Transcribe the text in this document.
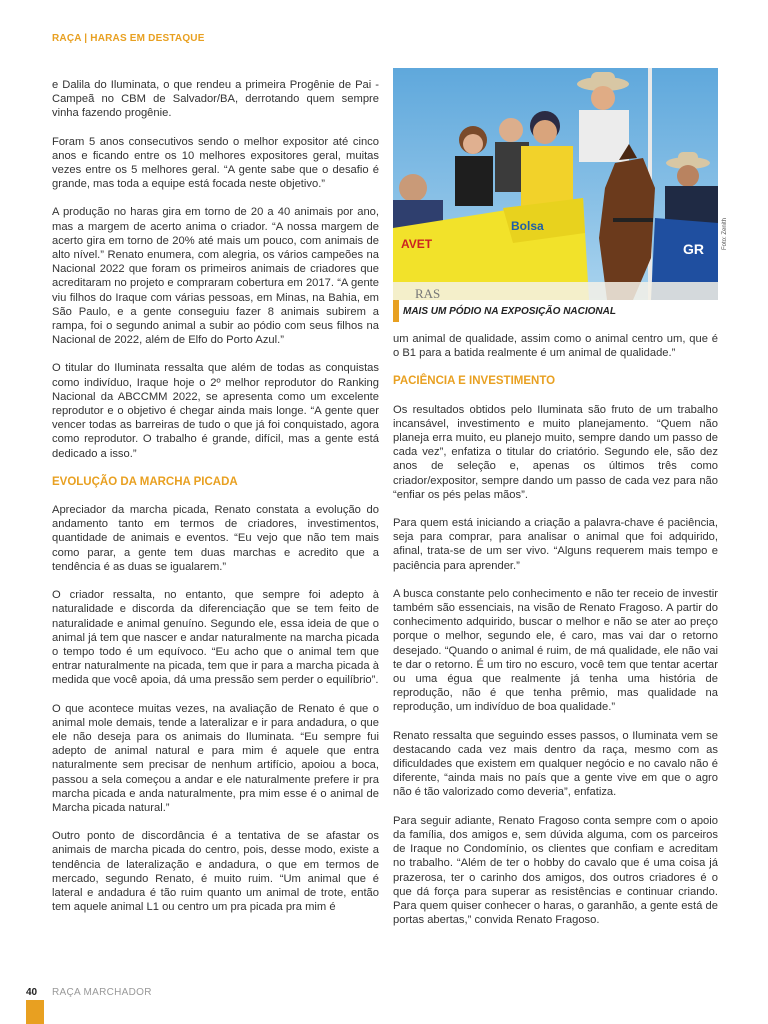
RAÇA | HARAS EM DESTAQUE

e Dalila do Iluminata, o que rendeu a primeira Progênie de Pai - Campeã no CBM de Salvador/BA, derrotando quem sempre vinha fazendo progênie.

Foram 5 anos consecutivos sendo o melhor expositor até cinco anos e ficando entre os 10 melhores expositores geral, muitas vezes entre os 5 melhores geral. “A gente sabe que o desafio é grande, mas toda a equipe está focada neste objetivo.”

A produção no haras gira em torno de 20 a 40 animais por ano, mas a margem de acerto anima o criador. “A nossa margem de acerto gira em torno de 20% até mais um pouco, com animais de alto nível.” Renato enumera, com alegria, os vários campeões na Nacional 2022 que foram os primeiros animais de criadores que acreditaram no projeto e compraram cobertura em 2017. “A gente viu filhos do Iraque com várias pessoas, em Minas, na Bahia, em São Paulo, e a gente conseguiu fazer 8 animais subirem a rampa, foi o segundo animal a subir ao pódio com seus filhos na Nacional de 2022, além de Elfo do Porto Azul.”

O titular do Iluminata ressalta que além de todas as conquistas como indivíduo, Iraque hoje o 2º melhor reprodutor do Ranking Nacional da ABCCMM 2022, se apresenta como um excelente reprodutor e o objetivo é chegar ainda mais longe. “A gente quer vencer todas as barreiras de tudo o que já foi conquistado, agora como reprodutor. O trabalho é grande, difícil, mas a gente está dedicado a isso.”

EVOLUÇÃO DA MARCHA PICADA

Apreciador da marcha picada, Renato constata a evolução do andamento tanto em termos de criadores, investimentos, quantidade de animais e eventos. “Eu vejo que não tem mais como parar, a gente tem duas marchas e acredito que a tendência é as duas se igualarem.”

O criador ressalta, no entanto, que sempre foi adepto à naturalidade e discorda da diferenciação que se tem feito de naturalidade e animal genuíno. Segundo ele, essa ideia de que o animal já tem que nascer e andar naturalmente na marcha picada o tempo todo é um equívoco. “Eu acho que o animal tem que entrar naturalmente na picada, tem que ir para a marcha picada à medida que você apoia, dá uma pressão sem perder o equilíbrio”.

O que acontece muitas vezes, na avaliação de Renato é que o animal mole demais, tende a lateralizar e ir para andadura, o que ele não deseja para os animais do Iluminata. “Eu sempre fui adepto de animal natural e para mim é aquele que entra naturalmente sem precisar de nenhum artifício, apoiou a boca, passou a sela começou a andar e ele naturalmente prefere ir pra marcha picada e anda naturalmente, pra mim esse é o animal de Marcha picada natural.”

Outro ponto de discordância é a tentativa de se afastar os animais de marcha picada do centro, pois, desse modo, existe a tendência de lateralização e andadura, o que em termos de mercado, segundo Renato, é muito ruim. “Um animal que é lateral e andadura é tão ruim quanto um animal de trote, então tem aquele animal L1 ou centro um pra picada pra mim é

Bolsa
AVET	GR
RAS
Foto: Zenith
MAIS UM PÓDIO NA EXPOSIÇÃO NACIONAL

um animal de qualidade, assim como o animal centro um, que é o B1 para a batida realmente é um animal de qualidade.”

PACIÊNCIA E INVESTIMENTO

Os resultados obtidos pelo Iluminata são fruto de um trabalho incansável, investimento e muito planejamento. “Quem não planeja erra muito, eu planejo muito, sempre dando um passo de cada vez”, enfatiza o titular do criatório. Segundo ele, são dez anos de seleção e, apenas os últimos três como criador/expositor, sempre dando um passo de cada vez para não “enfiar os pés pelas mãos”.

Para quem está iniciando a criação a palavra-chave é paciência, seja para comprar, para analisar o animal que foi adquirido, afinal, trata-se de um ser vivo. “Alguns requerem mais tempo e paciência para aprender.”

A busca constante pelo conhecimento e não ter receio de investir também são essenciais, na visão de Renato Fragoso. A partir do conhecimento adquirido, buscar o melhor e não se ater ao preço porque o melhor, segundo ele, é caro, mas vai dar o retorno desejado. “Quando o animal é ruim, de má qualidade, ele não vai te dar o retorno. É um tiro no escuro, você tem que tentar acertar ou uma égua que realmente já tenha uma história de reprodução, não é que tenha prêmio, mas qualidade na reprodução, um indivíduo de boa qualidade.”

Renato ressalta que seguindo esses passos, o Iluminata vem se destacando cada vez mais dentro da raça, mesmo com as dificuldades que existem em qualquer negócio e no cavalo não é diferente, “ainda mais no país que a gente vive em que o agro não é tão valorizado como deveria”, enfatiza.

Para seguir adiante, Renato Fragoso conta sempre com o apoio da família, dos amigos e, sem dúvida alguma, com os parceiros de Iraque no Condomínio, os clientes que confiam e acreditam no trabalho. “Além de ter o hobby do cavalo que é uma coisa já prazerosa, ter o carinho dos amigos, dos outros criadores é o que dá força para superar as resistências e continuar criando. Para quem quiser conhecer o haras, o garanhão, a gente está de portas abertas,” convida Renato Fragoso.

40 RAÇA MARCHADOR
